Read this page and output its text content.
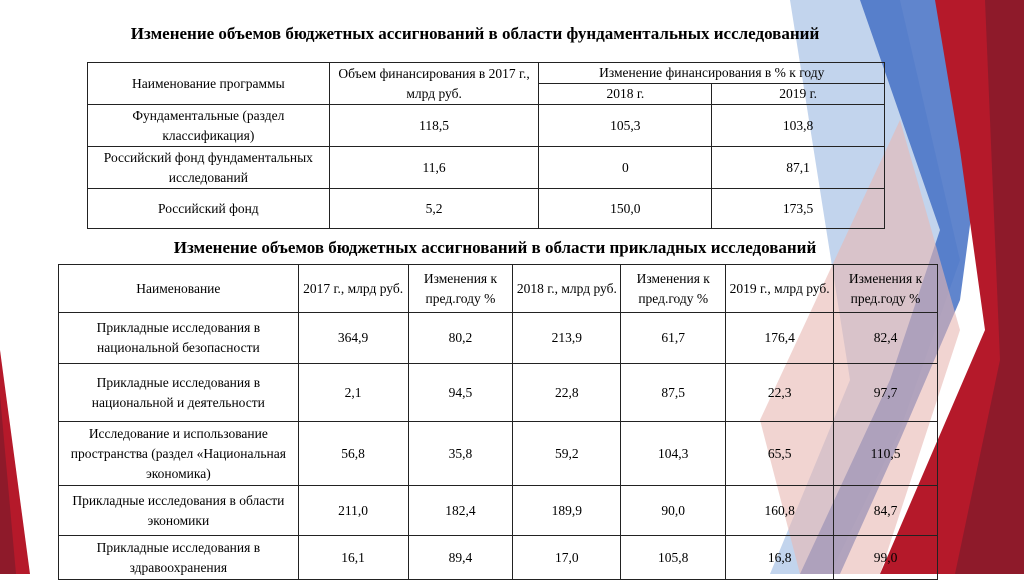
Изменение объемов бюджетных ассигнований в области фундаментальных исследований
Наименование программы	Объем финансирования в 2017 г., млрд руб.	Изменение финансирования в % к году	
		2018 г.	2019 г.
Фундаментальные (раздел классификация)	118,5	105,3	103,8
Российский фонд фундаментальных исследований	11,6	0	87,1
Российский фонд	5,2	150,0	173,5
Изменение объемов бюджетных ассигнований в области прикладных исследований
Наименование	2017 г., млрд руб.	Изменения к пред.году %	2018 г., млрд руб.	Изменения к пред.году %	2019 г., млрд руб.	Изменения к пред.году %
Прикладные исследования в национальной безопасности	364,9	80,2	213,9	61,7	176,4	82,4
Прикладные исследования в национальной и деятельности	2,1	94,5	22,8	87,5	22,3	97,7
Исследование и использование пространства (раздел «Национальная экономика)	56,8	35,8	59,2	104,3	65,5	110,5
Прикладные исследования в области экономики	211,0	182,4	189,9	90,0	160,8	84,7
Прикладные исследования в здравоохранения	16,1	89,4	17,0	105,8	16,8	99,0
